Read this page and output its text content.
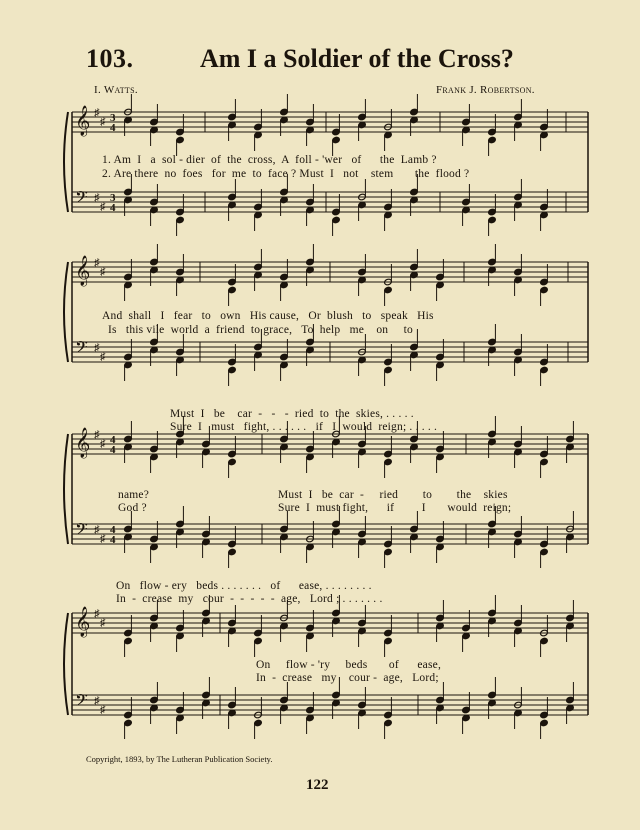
103.	Am I a Soldier of the Cross?
I. Watts.	Frank J. Robertson.
𝄞 ♯
♯ 3
4
𝄢 ♯
♯
3
4
𝄞 ♯
♯
𝄢 ♯
♯
𝄞 ♯
♯ 4
4
𝄢 ♯
♯
4
4
𝄞 ♯
♯
𝄢 ♯
♯
1. Am  I   a  sol - dier  of  the  cross,  A  foll - 'wer   of      the  Lamb ?
2. Are there  no  foes   for  me  to  face ? Must  I   not    stem       the  flood ?
And  shall   I   fear   to   own   His cause,   Or  blush   to   speak   His
Is   this vile  world  a  friend  to grace,   To  help   me    on     to
Must  I   be    car  -   -   -  ried  to  the  skies, . . . . .
Sure  I   must   fight, . . . . . .   if   I  would  reign; . . . . .
name?	Must  I   be  car  -     ried        to        the    skies
God ?	Sure  I  must fight,      if         I       would  reign;
On   flow - ery   beds . . . . . . .   of      ease, . . . . . . . .
In  -  crease  my   cour  -  -  -  -  -  age,   Lord ; . . . . . . .
On     flow - 'ry     beds       of      ease,
In  -  crease   my    cour -  age,   Lord;
Copyright, 1893, by The Lutheran Publication Society.
122
